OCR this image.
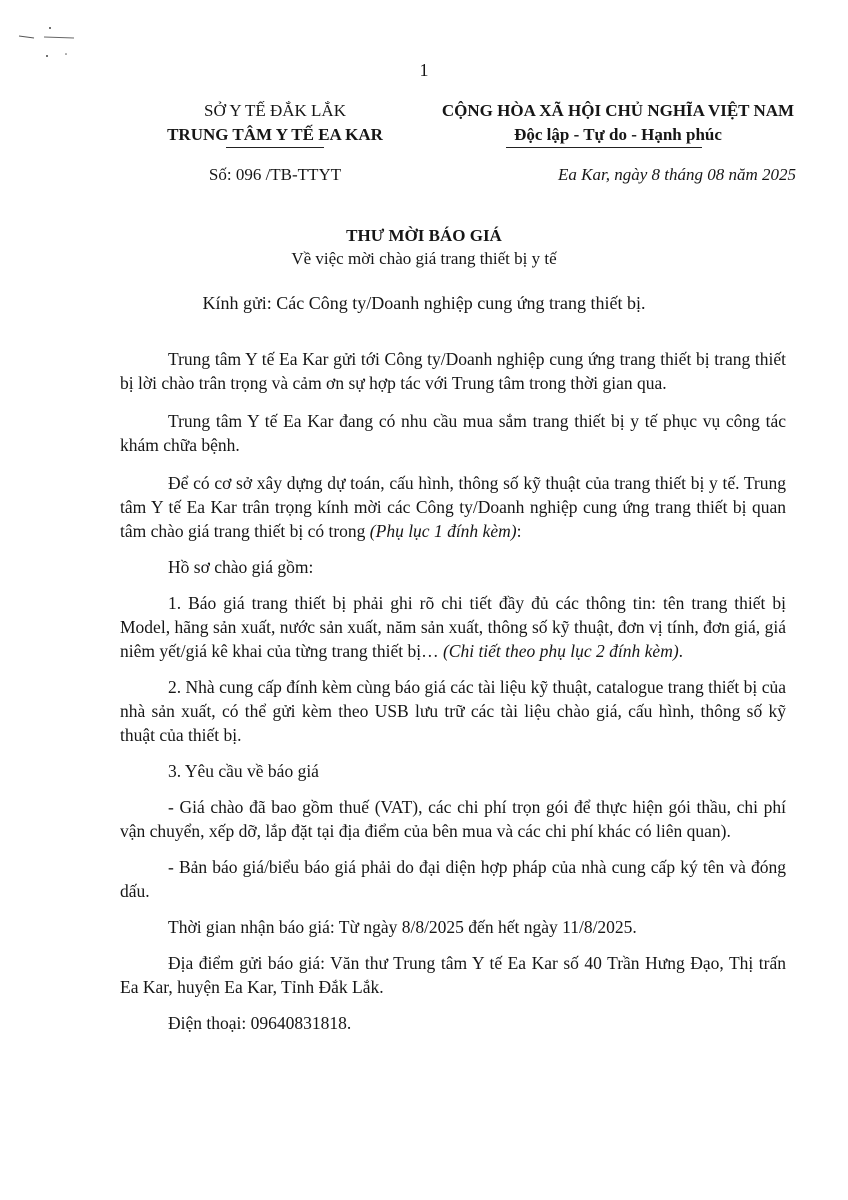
1
SỞ Y TẾ ĐẮK LẮK
TRUNG TÂM Y TẾ EA KAR
CỘNG HÒA XÃ HỘI CHỦ NGHĨA VIỆT NAM
Độc lập - Tự do - Hạnh phúc
Số: 096 /TB-TTYT	Ea Kar, ngày 8 tháng 08 năm 2025
THƯ MỜI BÁO GIÁ
Về việc mời chào giá trang thiết bị y tế
Kính gửi: Các Công ty/Doanh nghiệp cung ứng trang thiết bị.

Trung tâm Y tế Ea Kar gửi tới Công ty/Doanh nghiệp cung ứng trang thiết bị trang thiết bị lời chào trân trọng và cảm ơn sự hợp tác với Trung tâm trong thời gian qua.

Trung tâm Y tế Ea Kar đang có nhu cầu mua sắm trang thiết bị y tế phục vụ công tác khám chữa bệnh.

Để có cơ sở xây dựng dự toán, cấu hình, thông số kỹ thuật của trang thiết bị y tế. Trung tâm Y tế Ea Kar trân trọng kính mời các Công ty/Doanh nghiệp cung ứng trang thiết bị quan tâm chào giá trang thiết bị có trong (Phụ lục 1 đính kèm):

Hồ sơ chào giá gồm:

1. Báo giá trang thiết bị phải ghi rõ chi tiết đầy đủ các thông tin: tên trang thiết bị Model, hãng sản xuất, nước sản xuất, năm sản xuất, thông số kỹ thuật, đơn vị tính, đơn giá, giá niêm yết/giá kê khai của từng trang thiết bị… (Chi tiết theo phụ lục 2 đính kèm).

2. Nhà cung cấp đính kèm cùng báo giá các tài liệu kỹ thuật, catalogue trang thiết bị của nhà sản xuất, có thể gửi kèm theo USB lưu trữ các tài liệu chào giá, cấu hình, thông số kỹ thuật của thiết bị.

3. Yêu cầu về báo giá

- Giá chào đã bao gồm thuế (VAT), các chi phí trọn gói để thực hiện gói thầu, chi phí vận chuyển, xếp dỡ, lắp đặt tại địa điểm của bên mua và các chi phí khác có liên quan).

- Bản báo giá/biểu báo giá phải do đại diện hợp pháp của nhà cung cấp ký tên và đóng dấu.

Thời gian nhận báo giá: Từ ngày 8/8/2025 đến hết ngày 11/8/2025.

Địa điểm gửi báo giá: Văn thư Trung tâm Y tế Ea Kar số 40 Trần Hưng Đạo, Thị trấn Ea Kar, huyện Ea Kar, Tỉnh Đắk Lắk.

Điện thoại: 09640831818.
